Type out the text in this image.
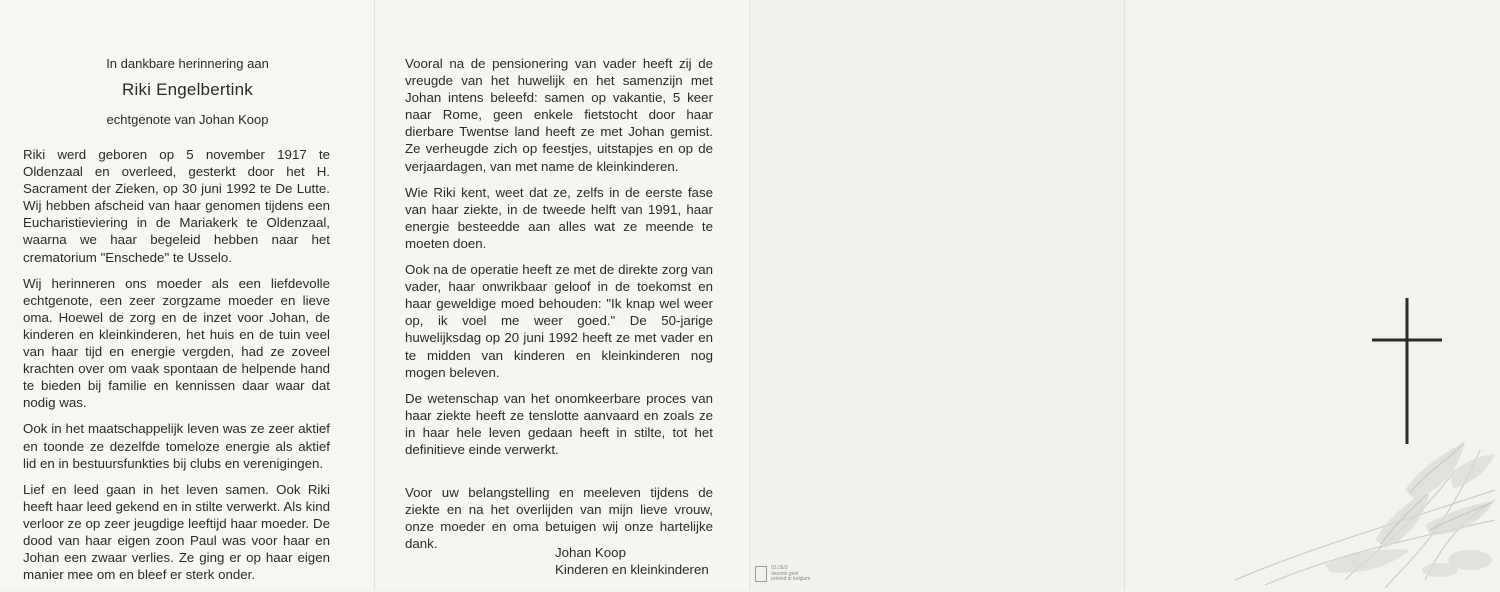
In dankbare herinnering aan
Riki Engelbertink
echtgenote van Johan Koop

Riki werd geboren op 5 november 1917 te Oldenzaal en overleed, gesterkt door het H. Sacrament der Zieken, op 30 juni 1992 te De Lutte. Wij hebben afscheid van haar genomen tijdens een Eucharistieviering in de Mariakerk te Oldenzaal, waarna we haar begeleid hebben naar het crematorium "Enschede" te Usselo.

Wij herinneren ons moeder als een liefdevolle echtgenote, een zeer zorgzame moeder en lieve oma. Hoewel de zorg en de inzet voor Johan, de kinderen en kleinkinderen, het huis en de tuin veel van haar tijd en energie vergden, had ze zoveel krachten over om vaak spontaan de helpende hand te bieden bij familie en kennissen daar waar dat nodig was.

Ook in het maatschappelijk leven was ze zeer aktief en toonde ze dezelfde tomeloze energie als aktief lid en in bestuursfunkties bij clubs en verenigingen.

Lief en leed gaan in het leven samen. Ook Riki heeft haar leed gekend en in stilte verwerkt. Als kind verloor ze op zeer jeugdige leeftijd haar moeder. De dood van haar eigen zoon Paul was voor haar en Johan een zwaar verlies. Ze ging er op haar eigen manier mee om en bleef er sterk onder.

Vooral na de pensionering van vader heeft zij de vreugde van het huwelijk en het samenzijn met Johan intens beleefd: samen op vakantie, 5 keer naar Rome, geen enkele fietstocht door haar dierbare Twentse land heeft ze met Johan gemist. Ze verheugde zich op feestjes, uitstapjes en op de verjaardagen, van met name de kleinkinderen.

Wie Riki kent, weet dat ze, zelfs in de eerste fase van haar ziekte, in de tweede helft van 1991, haar energie besteedde aan alles wat ze meende te moeten doen.

Ook na de operatie heeft ze met de direkte zorg van vader, haar onwrikbaar geloof in de toekomst en haar geweldige moed behouden: "Ik knap wel weer op, ik voel me weer goed." De 50-jarige huwelijksdag op 20 juni 1992 heeft ze met vader en te midden van kinderen en kleinkinderen nog mogen beleven.

De wetenschap van het onomkeerbare proces van haar ziekte heeft ze tenslotte aanvaard en zoals ze in haar hele leven gedaan heeft in stilte, tot het definitieve einde verwerkt.

Voor uw belangstelling en meeleven tijdens de ziekte en na het overlijden van mijn lieve vrouw, onze moeder en oma betuigen wij onze hartelijke dank.

Johan Koop
Kinderen en kleinkinderen	03.05/3
decorio gent
printed in belgium
